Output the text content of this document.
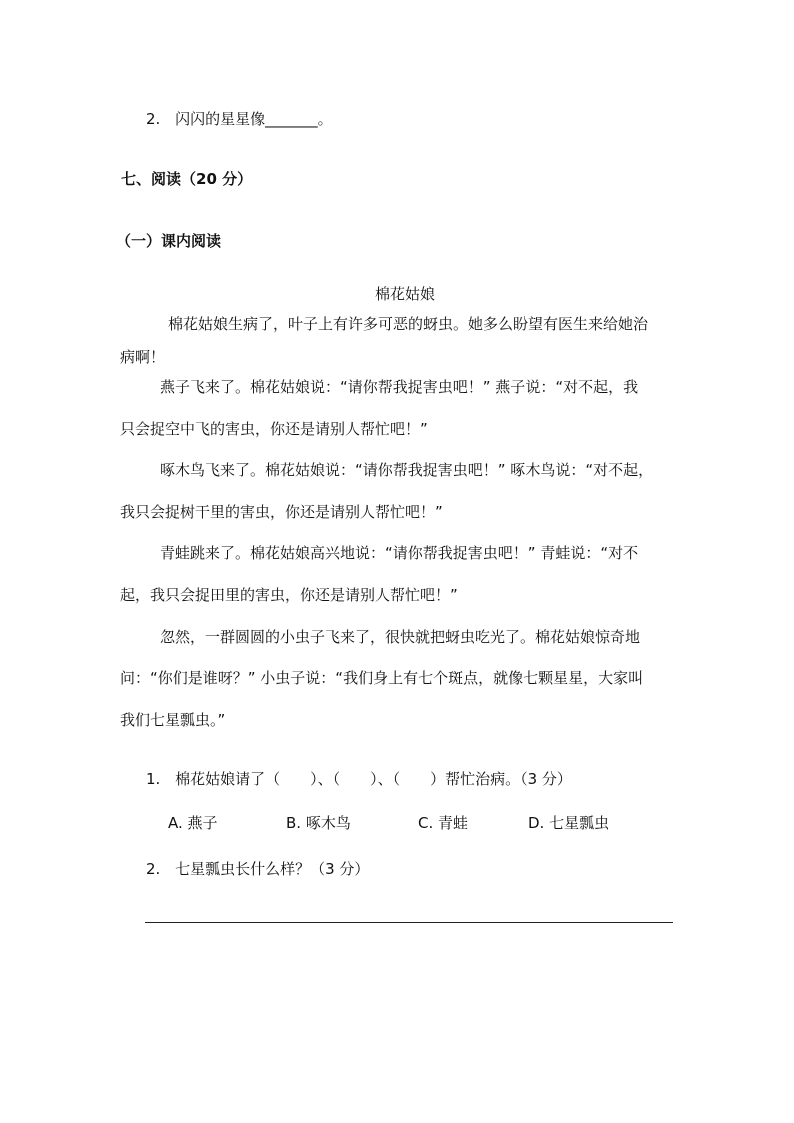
2. 闪闪的星星像_______。
七、阅读（20 分）
（一）课内阅读
棉花姑娘
棉花姑娘生病了，叶子上有许多可恶的蚜虫。她多么盼望有医生来给她治
病啊！
燕子飞来了。棉花姑娘说：“请你帮我捉害虫吧！” 燕子说：“对不起，我
只会捉空中飞的害虫，你还是请别人帮忙吧！”
啄木鸟飞来了。棉花姑娘说：“请你帮我捉害虫吧！” 啄木鸟说：“对不起，
我只会捉树干里的害虫，你还是请别人帮忙吧！”
青蛙跳来了。棉花姑娘高兴地说：“请你帮我捉害虫吧！” 青蛙说：“对不
起，我只会捉田里的害虫，你还是请别人帮忙吧！”
忽然，一群圆圆的小虫子飞来了，很快就把蚜虫吃光了。棉花姑娘惊奇地
问：“你们是谁呀？” 小虫子说：“我们身上有七个斑点，就像七颗星星，大家叫
我们七星瓢虫。”
1. 棉花姑娘请了（　　）、（　　）、（　　）帮忙治病。（3 分）
A. 燕子	B. 啄木鸟	C. 青蛙	D. 七星瓢虫
2. 七星瓢虫长什么样？（3 分）
